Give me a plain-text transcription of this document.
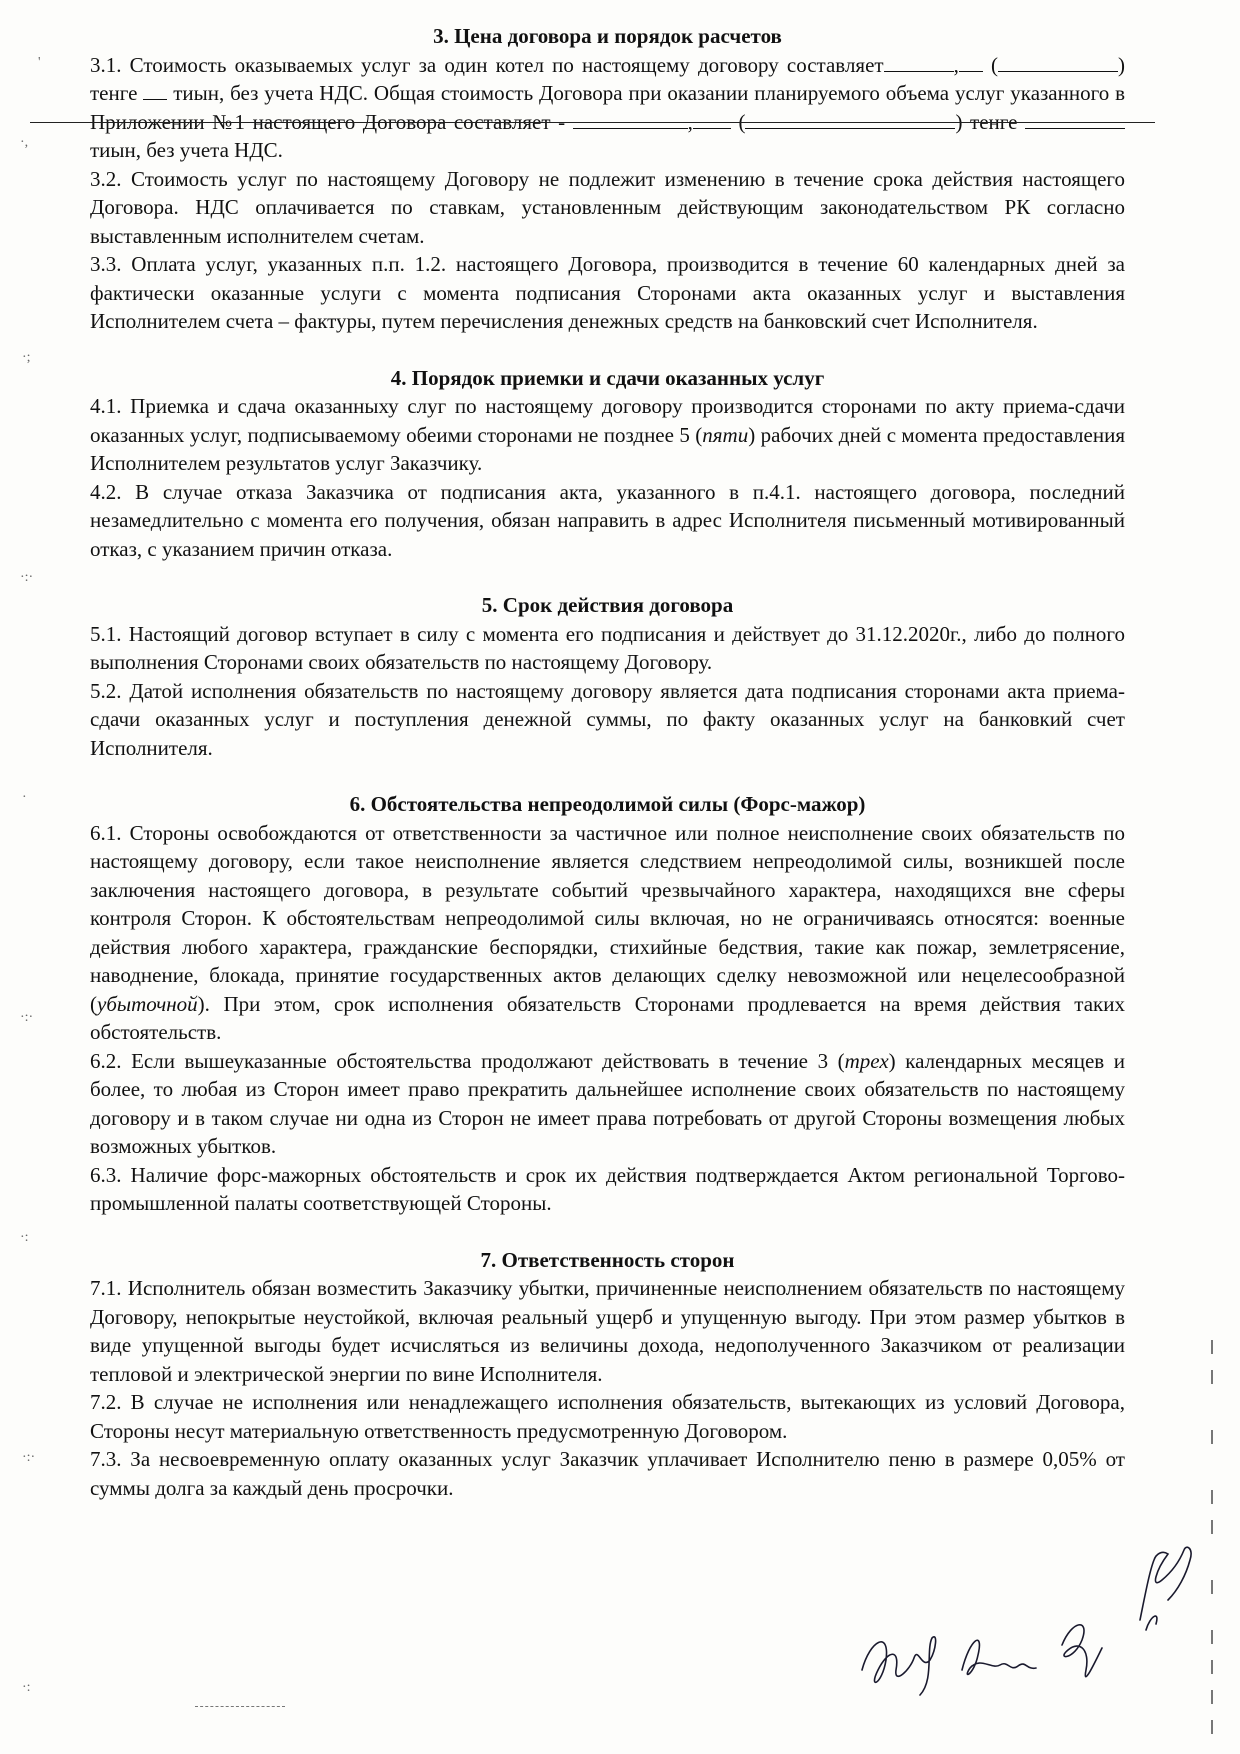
'
·,
·;
·:·
·
·:·
·:
·:·
·:

3. Цена договора и порядок расчетов

3.1. Стоимость оказываемых услуг за один котел по настоящему договору составляет	, (	) тенге  тиын, без учета НДС. Общая стоимость Договора при оказании планируемого объема услуг указанного в Приложении №1 настоящего Договора составляет -	, (	) тенге  тиын, без учета НДС.

3.2. Стоимость услуг по настоящему Договору не подлежит изменению в течение срока действия настоящего Договора. НДС оплачивается по ставкам, установленным действующим законодательством РК согласно выставленным исполнителем счетам.

3.3. Оплата услуг, указанных п.п. 1.2. настоящего Договора, производится в течение 60 календарных дней за фактически оказанные услуги с момента подписания Сторонами акта оказанных услуг и выставления Исполнителем счета – фактуры, путем перечисления денежных средств на банковский счет Исполнителя.

4. Порядок приемки и сдачи оказанных услуг

4.1. Приемка и сдача оказанныху слуг по настоящему договору производится сторонами по акту приема-сдачи оказанных услуг, подписываемому обеими сторонами не позднее 5 (пяти) рабочих дней с момента предоставления Исполнителем результатов услуг Заказчику.

4.2. В случае отказа Заказчика от подписания акта, указанного в п.4.1. настоящего договора, последний незамедлительно с момента его получения, обязан направить в адрес Исполнителя письменный мотивированный отказ, с указанием причин отказа.

5. Срок действия договора

5.1. Настоящий договор вступает в силу с момента его подписания и действует до 31.12.2020г., либо до полного выполнения Сторонами своих обязательств по настоящему Договору.

5.2. Датой исполнения обязательств по настоящему договору является дата подписания сторонами акта приема-сдачи оказанных услуг и поступления денежной суммы, по факту оказанных услуг на банковкий счет Исполнителя.

6. Обстоятельства непреодолимой силы (Форс-мажор)

6.1. Стороны освобождаются от ответственности за частичное или полное неисполнение своих обязательств по настоящему договору, если такое неисполнение является следствием непреодолимой силы, возникшей после заключения настоящего договора, в результате событий чрезвычайного характера, находящихся вне сферы контроля Сторон. К обстоятельствам непреодолимой силы включая, но не ограничиваясь относятся: военные действия любого характера, гражданские беспорядки, стихийные бедствия, такие как пожар, землетрясение, наводнение, блокада, принятие государственных актов делающих сделку невозможной или нецелесообразной (убыточной). При этом, срок исполнения обязательств Сторонами продлевается на время действия таких обстоятельств.

6.2. Если вышеуказанные обстоятельства продолжают действовать в течение 3 (трех) календарных месяцев и более, то любая из Сторон имеет право прекратить дальнейшее исполнение своих обязательств по настоящему договору и в таком случае ни одна из Сторон не имеет права потребовать от другой Стороны возмещения любых возможных убытков.

6.3. Наличие форс-мажорных обстоятельств и срок их действия подтверждается Актом региональной Торгово-промышленной палаты соответствующей Стороны.

7. Ответственность сторон

7.1. Исполнитель обязан возместить Заказчику убытки, причиненные неисполнением обязательств по настоящему Договору, непокрытые неустойкой, включая реальный ущерб и упущенную выгоду. При этом размер убытков в виде упущенной выгоды будет исчисляться из величины дохода, недополученного Заказчиком от реализации тепловой и электрической энергии по вине Исполнителя.

7.2. В случае не исполнения или ненадлежащего исполнения обязательств, вытекающих из условий Договора, Стороны несут материальную ответственность предусмотренную Договором.

7.3. За несвоевременную оплату оказанных услуг Заказчик уплачивает Исполнителю пеню в размере 0,05% от суммы долга за каждый день просрочки.
